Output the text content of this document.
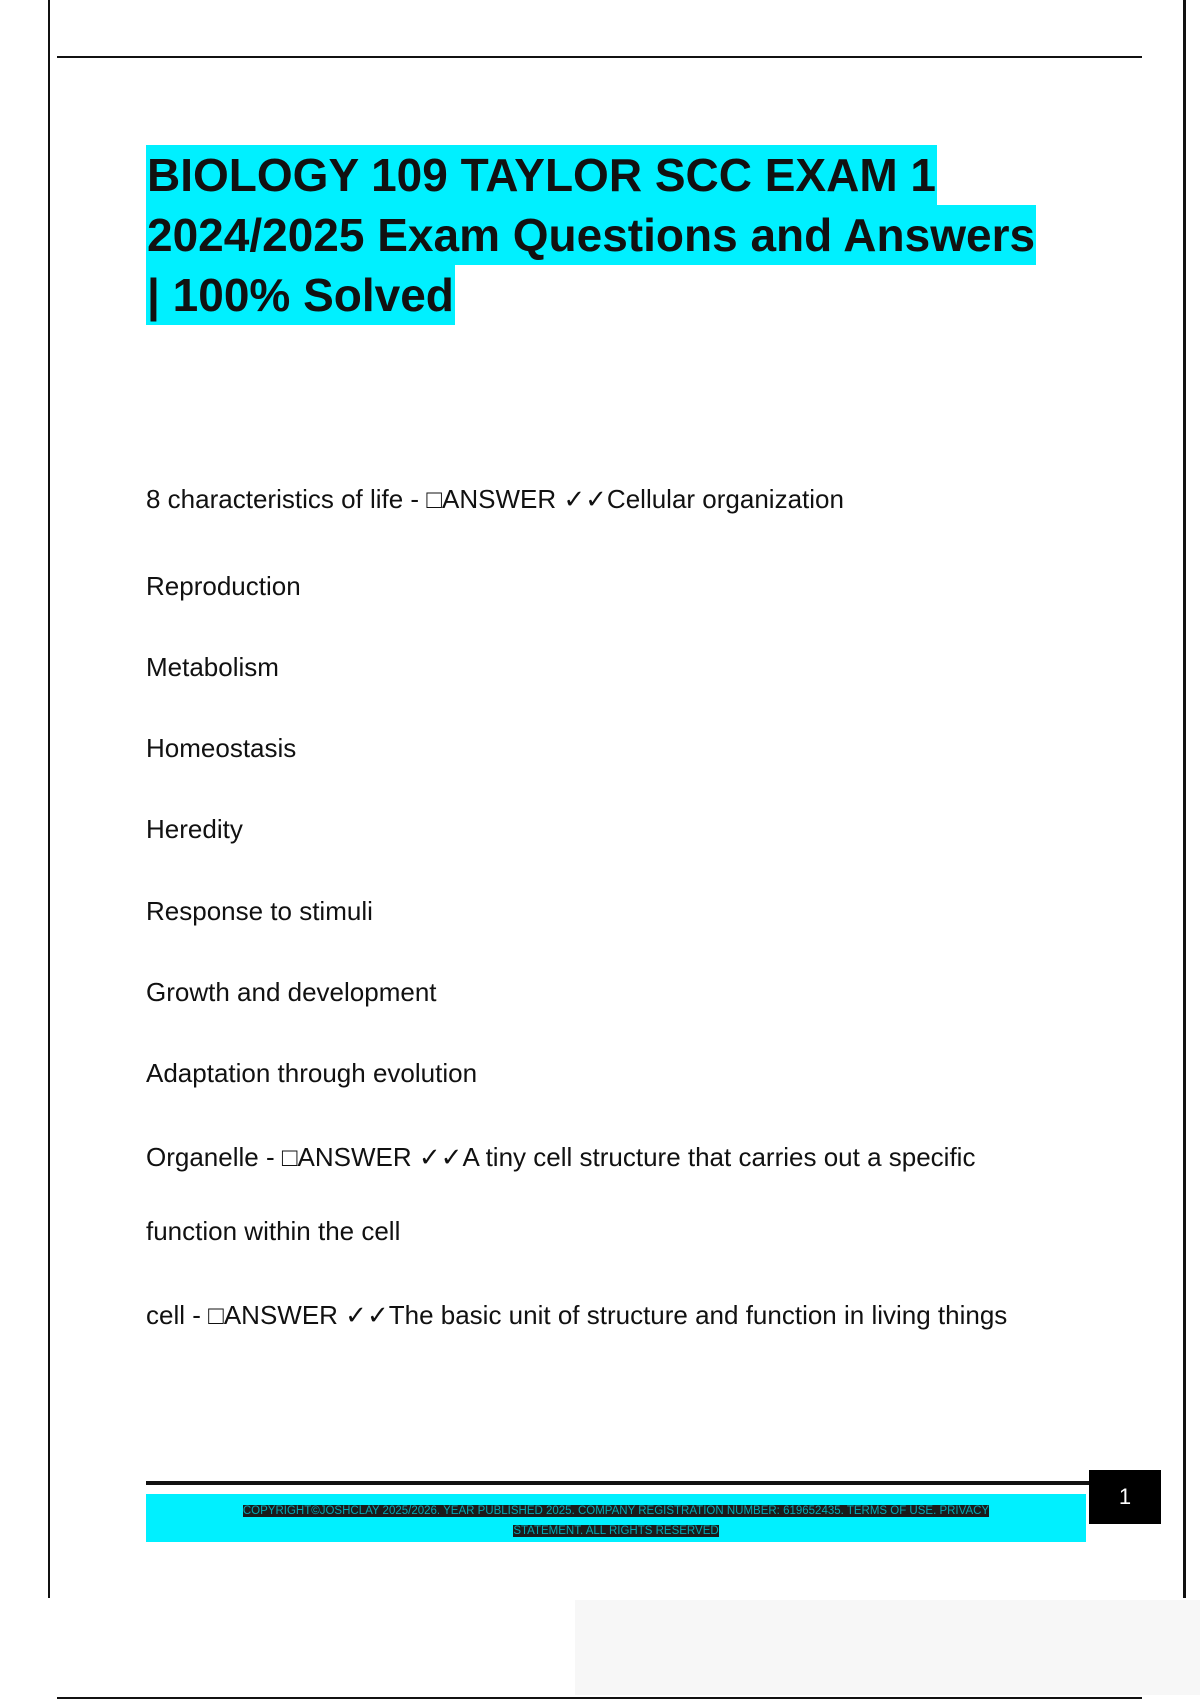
BIOLOGY 109 TAYLOR SCC EXAM 1
2024/2025 Exam Questions and Answers
| 100% Solved
8 characteristics of life - □ANSWER ✓✓Cellular organization
Reproduction
Metabolism
Homeostasis
Heredity
Response to stimuli
Growth and development
Adaptation through evolution
Organelle - □ANSWER ✓✓A tiny cell structure that carries out a specific
function within the cell
cell - □ANSWER ✓✓The basic unit of structure and function in living things
COPYRIGHT©JOSHCLAY 2025/2026. YEAR PUBLISHED 2025. COMPANY REGISTRATION NUMBER: 619652435. TERMS OF USE. PRIVACY
STATEMENT. ALL RIGHTS RESERVED
1
